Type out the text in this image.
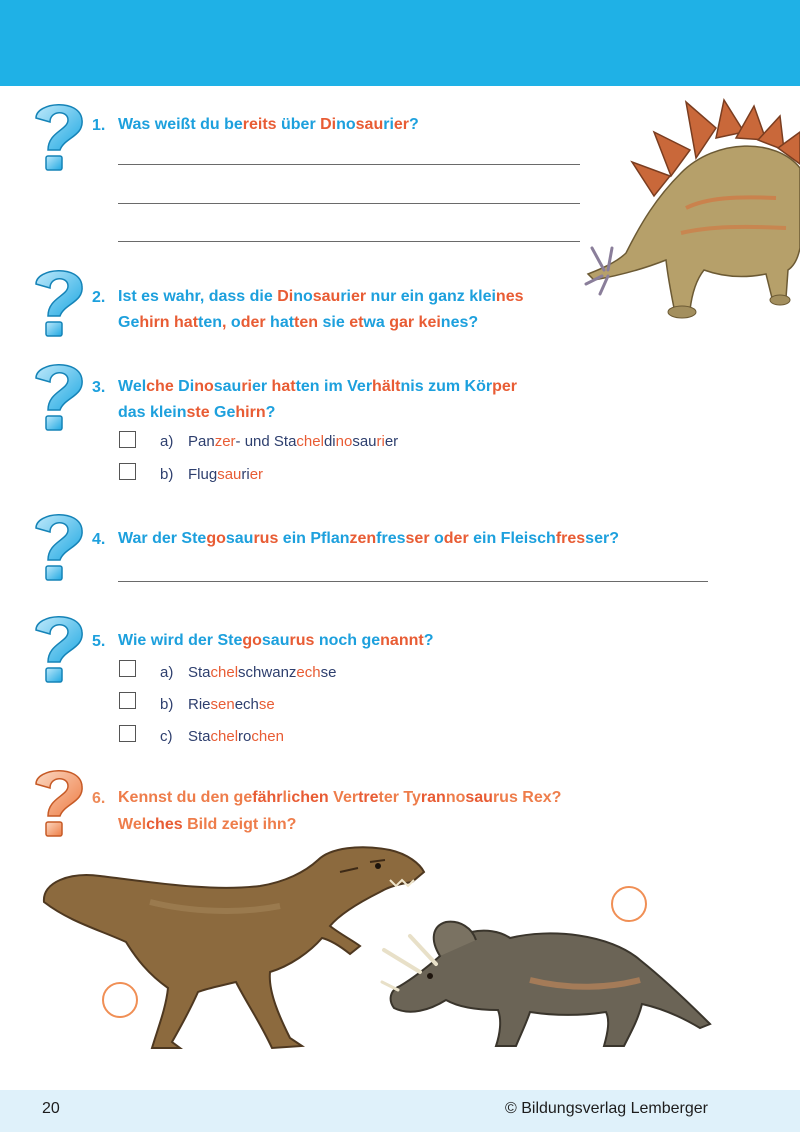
20	© Bildungsverlag Lemberger
1.
2.
3.
4.
5.
6.
Was weißt du bereits über Dinosaurier?
Ist es wahr, dass die Dinosaurier nur ein ganz kleines
Gehirn hatten, oder hatten sie etwa gar keines?
Welche Dinosaurier hatten im Verhältnis zum Körper
das kleinste Gehirn?
War der Stegosaurus ein Pflanzenfresser oder ein Fleischfresser?
Wie wird der Stegosaurus noch genannt?
Kennst du den gefährlichen Vertreter Tyrannosaurus Rex?
Welches Bild zeigt ihn?
a) Panzer- und Stacheldinosaurier
b) Flugsaurier
a) Stachelschwanzechse
b) Riesenechse
c) Stachelrochen
